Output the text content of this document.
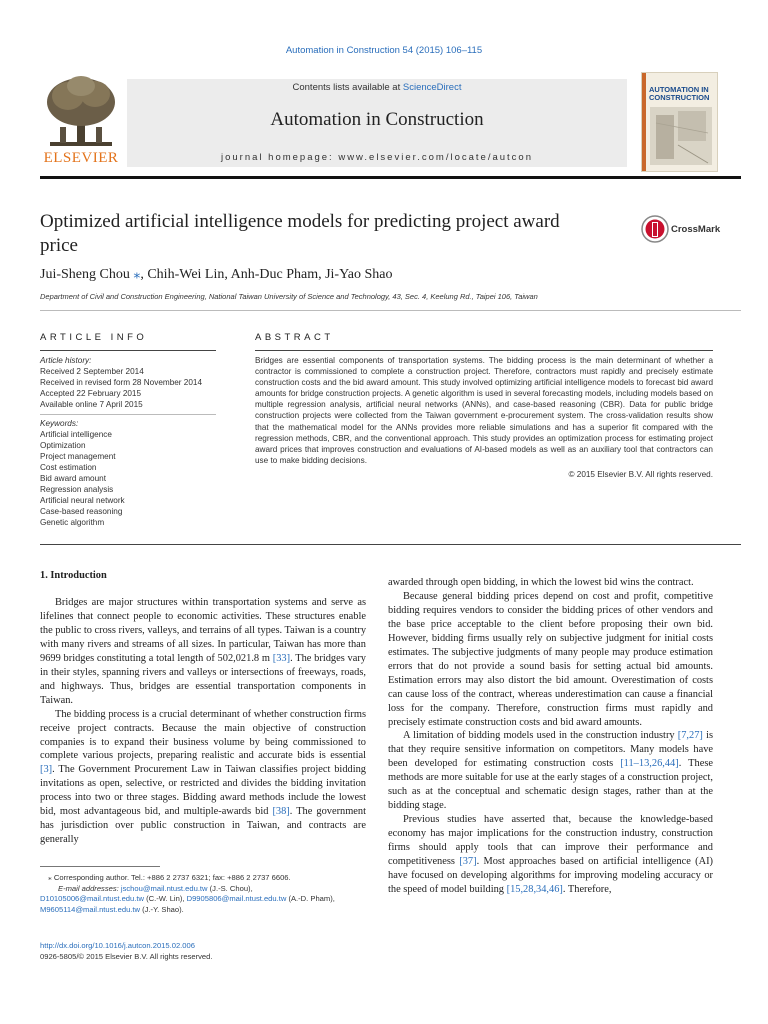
Automation in Construction 54 (2015) 106–115
ELSEVIER
Contents lists available at ScienceDirect
Automation in Construction
journal homepage: www.elsevier.com/locate/autcon
AUTOMATION IN
CONSTRUCTION
Optimized artificial intelligence models for predicting project award price
CrossMark
Jui-Sheng Chou ⁎, Chih-Wei Lin, Anh-Duc Pham, Ji-Yao Shao
Department of Civil and Construction Engineering, National Taiwan University of Science and Technology, 43, Sec. 4, Keelung Rd., Taipei 106, Taiwan
ARTICLE INFO	ABSTRACT
Article history:
Received 2 September 2014
Received in revised form 28 November 2014
Accepted 22 February 2015
Available online 7 April 2015
Keywords:
Artificial intelligence
Optimization
Project management
Cost estimation
Bid award amount
Regression analysis
Artificial neural network
Case-based reasoning
Genetic algorithm
Bridges are essential components of transportation systems. The bidding process is the main determinant of whether a contractor is commissioned to complete a construction project. Therefore, contractors must rapidly and precisely estimate construction costs and the bid award amount. This study involved optimizing artificial intelligence models to forecast bid award amounts for bridge construction projects. A genetic algorithm is used in several forecasting models, including models based on multiple regression analysis, artificial neural networks (ANNs), and case-based reasoning (CBR). Data for public bridge construction projects were collected from the Taiwan government e-procurement system. The cross-validation results show that the mathematical model for the ANNs provides more reliable simulations and has a superior fit compared with the regression methods, CBR, and the conventional approach. This study provides an optimization process for estimating project award prices that improves construction and evaluations of AI-based models as well as an auxiliary tool that contractors can use to make bidding decisions.
© 2015 Elsevier B.V. All rights reserved.
1. Introduction

Bridges are major structures within transportation systems and serve as lifelines that connect people to economic activities. These structures enable the public to cross rivers, valleys, and terrains of all types. Taiwan is a country with many rivers and streams of all sizes. In particular, Taiwan has more than 9699 bridges constituting a total length of 502,021.8 m [33]. The bridges vary in their styles, spanning rivers and valleys or intersections of freeways, roads, and highways. Thus, bridges are essential transportation components in Taiwan.

The bidding process is a crucial determinant of whether construction firms receive project contracts. Because the main objective of construction companies is to expand their business volume by being commissioned to complete various projects, preparing realistic and accurate bids is essential [3]. The Government Procurement Law in Taiwan classifies project bidding invitations as open, selective, or restricted and divides the bidding invitation process into two or three stages. Bidding award methods include the lowest bid, most advantageous bid, and multiple-awards bid [38]. The government has jurisdiction over public construction in Taiwan, and contracts are generally

awarded through open bidding, in which the lowest bid wins the contract.

Because general bidding prices depend on cost and profit, competitive bidding requires vendors to consider the bidding prices of other vendors and the base price acceptable to the client before proposing their own bid. However, bidding firms usually rely on subjective judgment for initial costs estimates. The subjective judgments of many people may produce estimation errors that do not provide a sound basis for setting actual bid amounts. Estimation errors may also distort the bid amount. Overestimation of costs can cause loss of the contract, whereas underestimation can cause a financial loss for the company. Therefore, construction firms must rapidly and precisely estimate construction costs and bid award amounts.

A limitation of bidding models used in the construction industry [7,27] is that they require sensitive information on competitors. Many models have been developed for estimating construction costs [11–13,26,44]. These methods are more suitable for use at the early stages of a construction project, such as at the conceptual and schematic design stages, rather than at the bidding stage.

Previous studies have asserted that, because the knowledge-based economy has major implications for the construction industry, construction firms should apply tools that can improve their performance and competitiveness [37]. Most approaches based on artificial intelligence (AI) have focused on developing algorithms for improving modeling accuracy or the speed of model building [15,28,34,46]. Therefore,

⁎ Corresponding author. Tel.: +886 2 2737 6321; fax: +886 2 2737 6606.
E-mail addresses: jschou@mail.ntust.edu.tw (J.-S. Chou),
D10105006@mail.ntust.edu.tw (C.-W. Lin), D9905806@mail.ntust.edu.tw (A.-D. Pham),
M9605114@mail.ntust.edu.tw (J.-Y. Shao).
http://dx.doi.org/10.1016/j.autcon.2015.02.006
0926-5805/© 2015 Elsevier B.V. All rights reserved.
